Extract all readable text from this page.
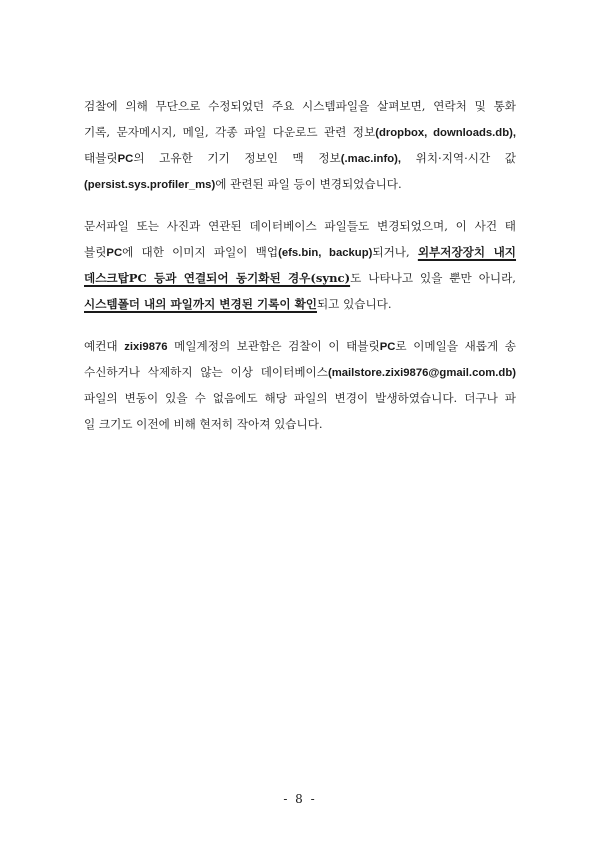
검찰에 의해 무단으로 수정되었던 주요 시스템파일을 살펴보면, 연락처 및 통화
기록, 문자메시지, 메일, 각종 파일 다운로드 관련 정보(dropbox, downloads.db),
태블릿PC의 고유한 기기 정보인 맥 정보(.mac.info), 위치·지역·시간 값
(persist.sys.profiler_ms)에 관련된 파일 등이 변경되었습니다.
문서파일 또는 사진과 연관된 데이터베이스 파일들도 변경되었으며, 이 사건 태
블릿PC에 대한 이미지 파일이 백업(efs.bin, backup)되거나, 외부저장장치 내지
데스크탑PC 등과 연결되어 동기화된 경우(sync)도 나타나고 있을 뿐만 아니라,
시스템폴더 내의 파일까지 변경된 기록이 확인되고 있습니다.
예컨대 zixi9876 메일계정의 보관함은 검찰이 이 태블릿PC로 이메일을 새롭게 송
수신하거나 삭제하지 않는 이상 데이터베이스(mailstore.zixi9876@gmail.com.db)
파일의 변동이 있을 수 없음에도 해당 파일의 변경이 발생하였습니다. 더구나 파
일 크기도 이전에 비해 현저히 작아져 있습니다.
- 8 -
